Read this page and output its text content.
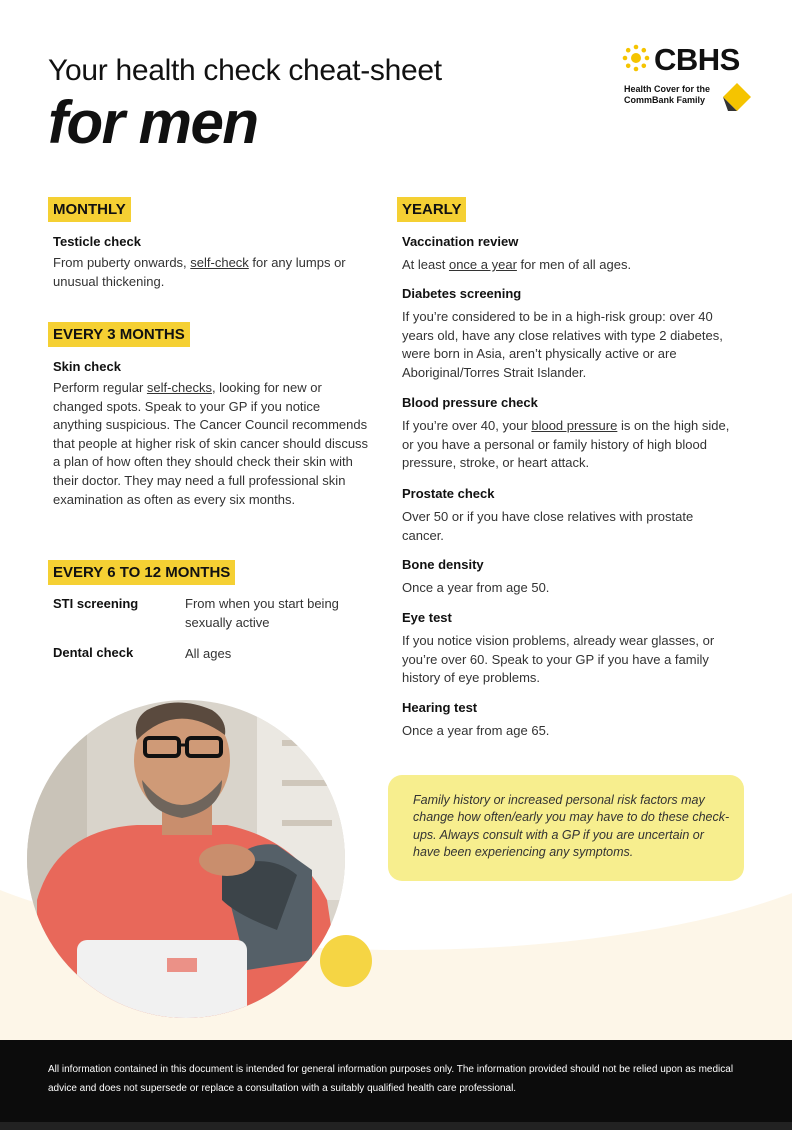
Your health check cheat-sheet
for men
CBHS
Health Cover for the CommBank Family
MONTHLY
Testicle check
From puberty onwards, self-check for any lumps or unusual thickening.
EVERY 3 MONTHS
Skin check
Perform regular self-checks, looking for new or changed spots. Speak to your GP if you notice anything suspicious. The Cancer Council recommends that people at higher risk of skin cancer should discuss a plan of how often they should check their skin with their doctor. They may need a full professional skin examination as often as every six months.
EVERY 6 TO 12 MONTHS
STI screening	From when you start being sexually active
Dental check	All ages
YEARLY
Vaccination review
At least once a year for men of all ages.
Diabetes screening
If you’re considered to be in a high-risk group: over 40 years old, have any close relatives with type 2 diabetes, were born in Asia, aren’t physically active or are Aboriginal/Torres Strait Islander.
Blood pressure check
If you’re over 40, your blood pressure is on the high side, or you have a personal or family history of high blood pressure, stroke, or heart attack.
Prostate check
Over 50 or if you have close relatives with prostate cancer.
Bone density
Once a year from age 50.
Eye test
If you notice vision problems, already wear glasses, or you’re over 60. Speak to your GP if you have a family history of eye problems.
Hearing test
Once a year from age 65.
Family history or increased personal risk factors may change how often/early you may have to do these check-ups. Always consult with a GP if you are uncertain or have been experiencing any symptoms.
All information contained in this document is intended for general information purposes only. The information provided should not be relied upon as medical advice and does not supersede or replace a consultation with a suitably qualified health care professional.
